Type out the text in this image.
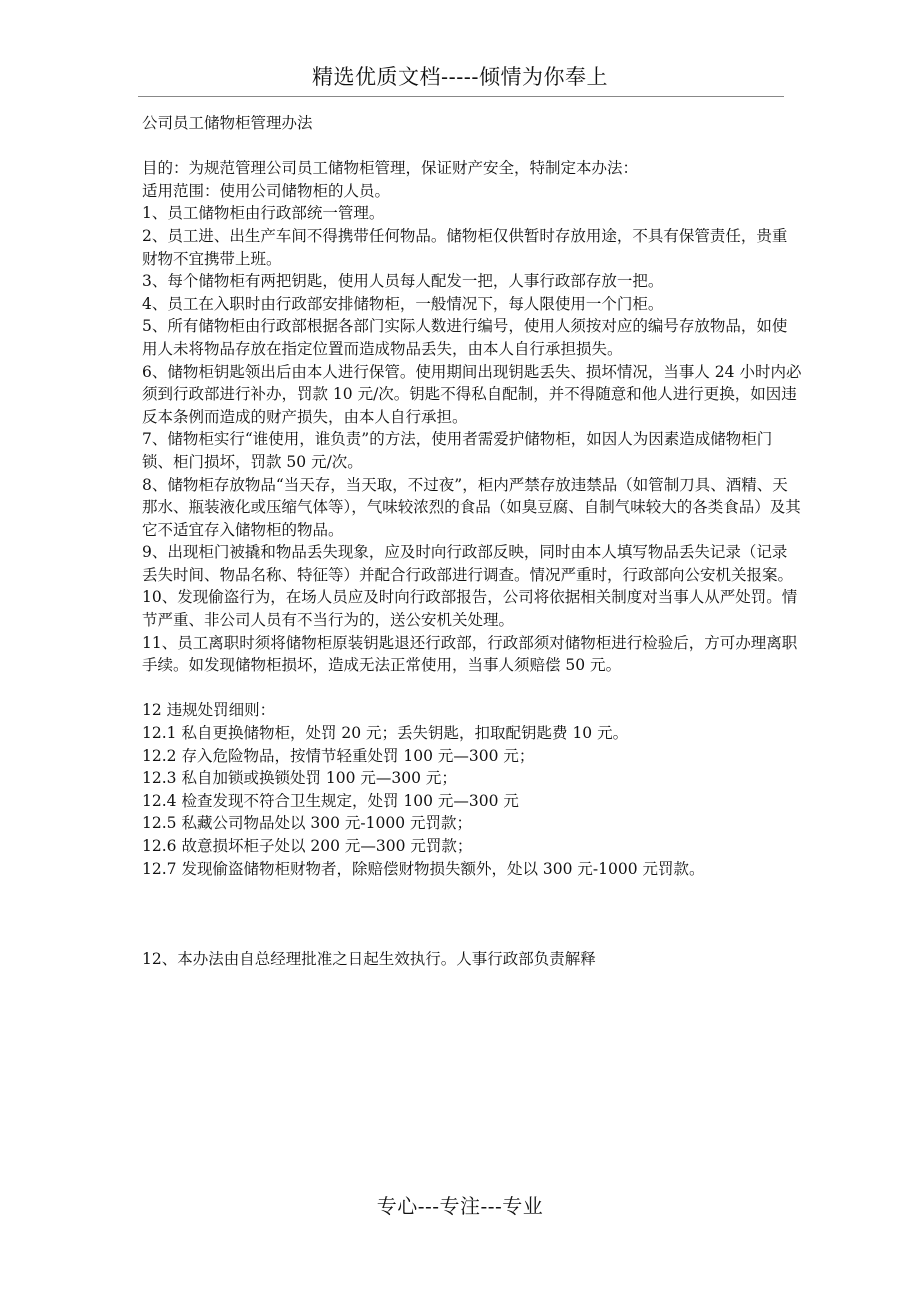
精选优质文档-----倾情为你奉上

公司员工储物柜管理办法

目的：为规范管理公司员工储物柜管理，保证财产安全，特制定本办法：

适用范围：使用公司储物柜的人员。

1、员工储物柜由行政部统一管理。

2、员工进、出生产车间不得携带任何物品。储物柜仅供暂时存放用途，不具有保管责任，贵重财物不宜携带上班。

3、每个储物柜有两把钥匙，使用人员每人配发一把，人事行政部存放一把。

4、员工在入职时由行政部安排储物柜，一般情况下，每人限使用一个门柜。

5、所有储物柜由行政部根据各部门实际人数进行编号，使用人须按对应的编号存放物品，如使用人未将物品存放在指定位置而造成物品丢失，由本人自行承担损失。

6、储物柜钥匙领出后由本人进行保管。使用期间出现钥匙丢失、损坏情况，当事人 24 小时内必须到行政部进行补办，罚款 10 元/次。钥匙不得私自配制，并不得随意和他人进行更换，如因违反本条例而造成的财产损失，由本人自行承担。

7、储物柜实行“谁使用，谁负责”的方法，使用者需爱护储物柜，如因人为因素造成储物柜门锁、柜门损坏，罚款 50 元/次。

8、储物柜存放物品“当天存，当天取，不过夜”，柜内严禁存放违禁品（如管制刀具、酒精、天那水、瓶装液化或压缩气体等），气味较浓烈的食品（如臭豆腐、自制气味较大的各类食品）及其它不适宜存入储物柜的物品。

9、出现柜门被撬和物品丢失现象，应及时向行政部反映，同时由本人填写物品丢失记录（记录丢失时间、物品名称、特征等）并配合行政部进行调查。情况严重时，行政部向公安机关报案。

10、发现偷盗行为，在场人员应及时向行政部报告，公司将依据相关制度对当事人从严处罚。情节严重、非公司人员有不当行为的，送公安机关处理。

11、员工离职时须将储物柜原装钥匙退还行政部，行政部须对储物柜进行检验后，方可办理离职手续。如发现储物柜损坏，造成无法正常使用，当事人须赔偿 50 元。

12 违规处罚细则：

12.1 私自更换储物柜，处罚 20 元；丢失钥匙，扣取配钥匙费 10 元。

12.2 存入危险物品，按情节轻重处罚 100 元—300 元；

12.3 私自加锁或换锁处罚 100 元—300 元；

12.4 检查发现不符合卫生规定，处罚 100 元—300 元

12.5 私藏公司物品处以 300 元-1000 元罚款；

12.6 故意损坏柜子处以 200 元—300 元罚款；

12.7 发现偷盗储物柜财物者，除赔偿财物损失额外，处以 300 元-1000 元罚款。

12、本办法由自总经理批准之日起生效执行。人事行政部负责解释

专心---专注---专业
